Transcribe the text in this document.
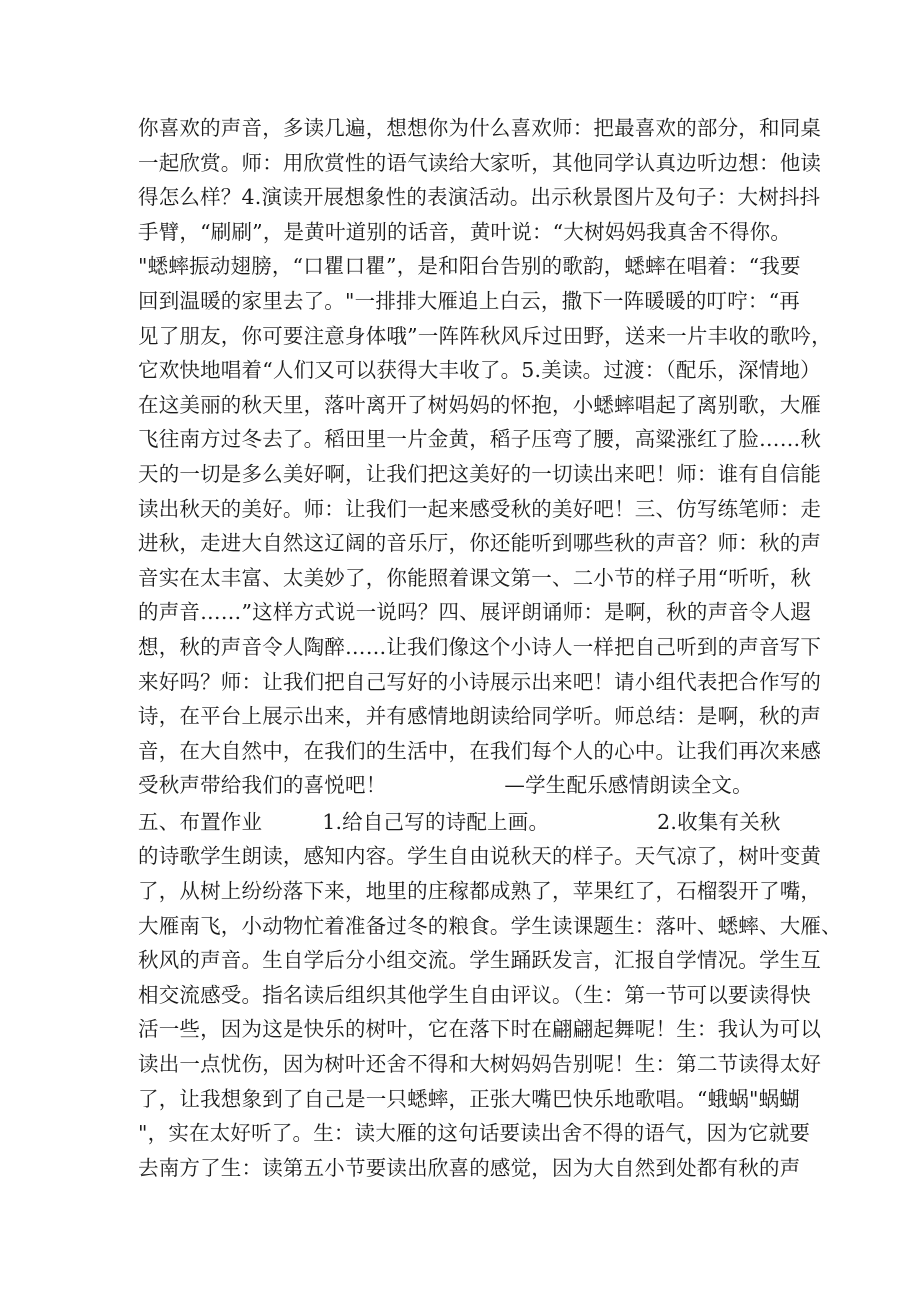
你喜欢的声音，多读几遍，想想你为什么喜欢师：把最喜欢的部分，和同桌
一起欣赏。师：用欣赏性的语气读给大家听，其他同学认真边听边想：他读
得怎么样？4.演读开展想象性的表演活动。出示秋景图片及句子：大树抖抖
手臂，“刷刷”，是黄叶道别的话音，黄叶说：“大树妈妈我真舍不得你。
"蟋蟀振动翅膀，“口瞿口瞿”，是和阳台告别的歌韵，蟋蟀在唱着：“我要
回到温暖的家里去了。"一排排大雁追上白云，撒下一阵暖暖的叮咛：“再
见了朋友，你可要注意身体哦”一阵阵秋风斥过田野，送来一片丰收的歌吟，
它欢快地唱着“人们又可以获得大丰收了。5.美读。过渡：（配乐，深情地）
在这美丽的秋天里，落叶离开了树妈妈的怀抱，小蟋蟀唱起了离别歌，大雁
飞往南方过冬去了。稻田里一片金黄，稻子压弯了腰，高粱涨红了脸……秋
天的一切是多么美好啊，让我们把这美好的一切读出来吧！师：谁有自信能
读出秋天的美好。师：让我们一起来感受秋的美好吧！三、仿写练笔师：走
进秋，走进大自然这辽阔的音乐厅，你还能听到哪些秋的声音？师：秋的声
音实在太丰富、太美妙了，你能照着课文第一、二小节的样子用“听听，秋
的声音……”这样方式说一说吗？四、展评朗诵师：是啊，秋的声音令人遐
想，秋的声音令人陶醉……让我们像这个小诗人一样把自己听到的声音写下
来好吗？师：让我们把自己写好的小诗展示出来吧！请小组代表把合作写的
诗，在平台上展示出来，并有感情地朗读给同学听。师总结：是啊，秋的声
音，在大自然中，在我们的生活中，在我们每个人的心中。让我们再次来感
受秋声带给我们的喜悦吧！	—学生配乐感情朗读全文。
五、布置作业	1.给自己写的诗配上画。	2.收集有关秋
的诗歌学生朗读，感知内容。学生自由说秋天的样子。天气凉了，树叶变黄
了，从树上纷纷落下来，地里的庄稼都成熟了，苹果红了，石榴裂开了嘴，
大雁南飞，小动物忙着准备过冬的粮食。学生读课题生：落叶、蟋蟀、大雁、
秋风的声音。生自学后分小组交流。学生踊跃发言，汇报自学情况。学生互
相交流感受。指名读后组织其他学生自由评议。（生：第一节可以要读得快
活一些，因为这是快乐的树叶，它在落下时在翩翩起舞呢！生：我认为可以
读出一点忧伤，因为树叶还舍不得和大树妈妈告别呢！生：第二节读得太好
了，让我想象到了自己是一只蟋蟀，正张大嘴巴快乐地歌唱。“蛾蜗"蜗蝴
"，实在太好听了。生：读大雁的这句话要读出舍不得的语气，因为它就要
去南方了生：读第五小节要读出欣喜的感觉，因为大自然到处都有秋的声
